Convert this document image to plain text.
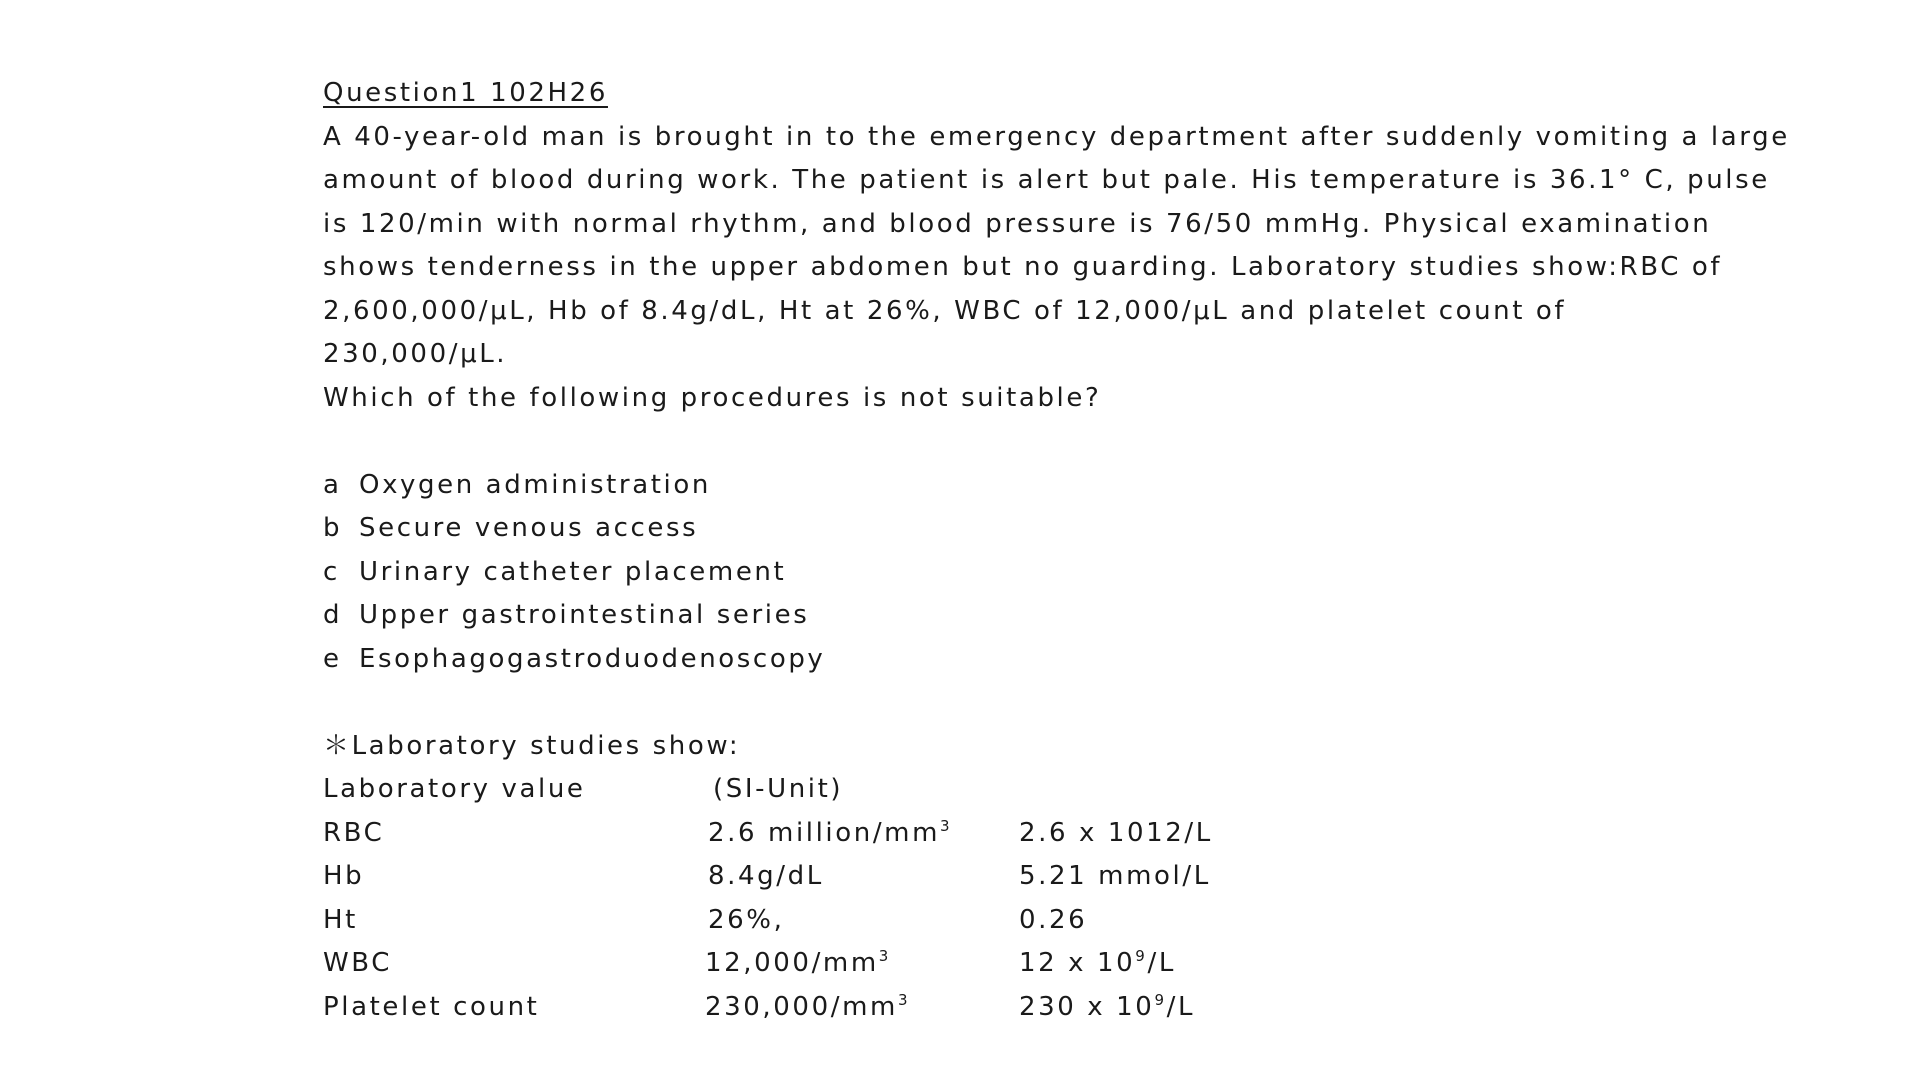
Question1 102H26
A 40-year-old man is brought in to the emergency department after suddenly vomiting a large
amount of blood during work. The patient is alert but pale. His temperature is 36.1° C, pulse
is 120/min with normal rhythm, and blood pressure is 76/50 mmHg. Physical examination
shows tenderness in the upper abdomen but no guarding. Laboratory studies show:RBC of
2,600,000/μL, Hb of 8.4g/dL, Ht at 26%, WBC of 12,000/μL and platelet count of
230,000/μL.
Which of the following procedures is not suitable?
a Oxygen administration
b Secure venous access
c Urinary catheter placement
d Upper gastrointestinal series
e Esophagogastroduodenoscopy
＊Laboratory studies show:
Laboratory value	(SI-Unit)
RBC	2.6 million/$mm^3$	2.6 x 1012/L
Hb	8.4g/dL	5.21 mmol/L
Ht	26%,	0.26
WBC	$12,000/mm^3$	12 x $10^9/L$
Platelet count	$230,000/mm^3$	230 x $10^9/L$
